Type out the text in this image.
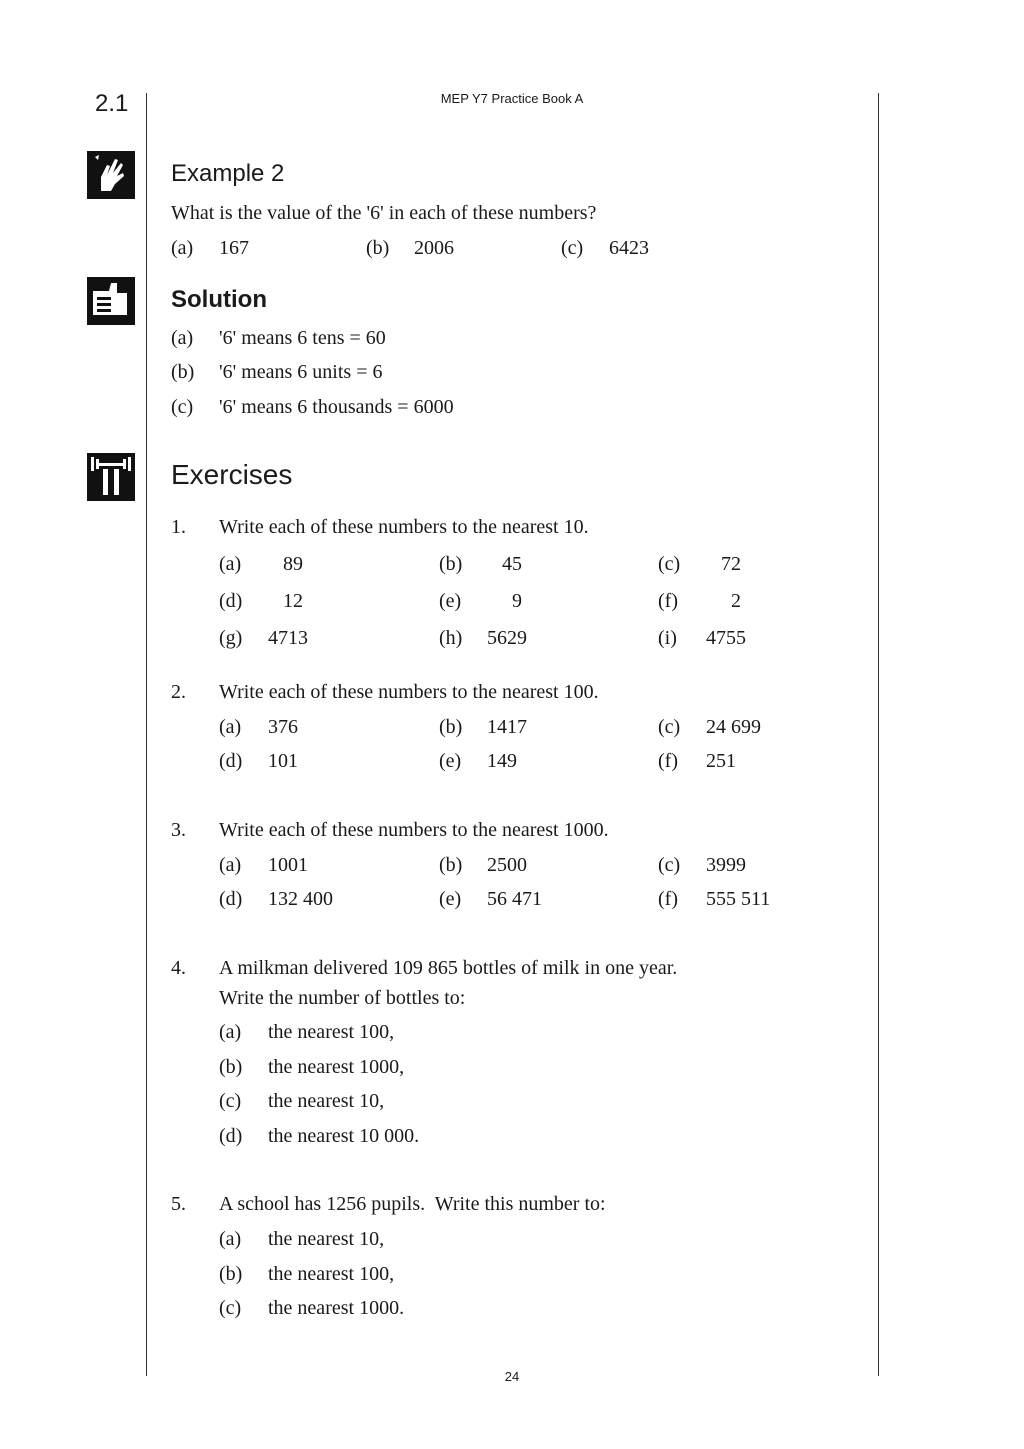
2.1	MEP Y7 Practice Book A
Example 2
What is the value of the '6' in each of these numbers?
(a) 167	(b) 2006	(c) 6423
Solution
(a) '6' means 6 tens = 60
(b) '6' means 6 units = 6
(c) '6' means 6 thousands = 6000
Exercises
1. Write each of these numbers to the nearest 10.
(a)	89	(b)	45	(c)	72
(d)	12	(e)	9	(f)	2
(g) 4713	(h) 5629	(i) 4755
2. Write each of these numbers to the nearest 100.
(a) 376	(b) 1417	(c) 24 699
(d) 101	(e) 149	(f) 251
3. Write each of these numbers to the nearest 1000.
(a) 1001	(b) 2500	(c) 3999
(d) 132 400	(e) 56 471	(f) 555 511
4. A milkman delivered 109 865 bottles of milk in one year.
Write the number of bottles to:
(a) the nearest 100,
(b) the nearest 1000,
(c) the nearest 10,
(d) the nearest 10 000.
5. A school has 1256 pupils.  Write this number to:
(a) the nearest 10,
(b) the nearest 100,
(c) the nearest 1000.
24
